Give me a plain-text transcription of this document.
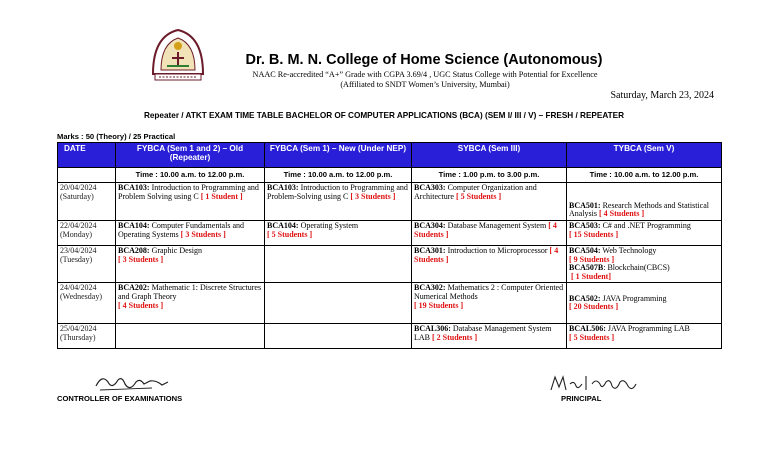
Dr. B. M. N. College of Home Science (Autonomous)
NAAC Re-accredited “A+” Grade with CGPA 3.69/4 , UGC Status College with Potential for Excellence
(Affiliated to SNDT Women’s University, Mumbai)
Saturday, March 23, 2024
Repeater / ATKT EXAM TIME TABLE BACHELOR OF COMPUTER APPLICATIONS (BCA) (SEM I/ III / V) – FRESH / REPEATER
Marks : 50 (Theory) / 25 Practical
DATE	FYBCA (Sem 1 and 2) – Old (Repeater)	FYBCA (Sem 1) – New (Under NEP)	SYBCA (Sem III)	TYBCA (Sem V)
	Time : 10.00 a.m. to 12.00 p.m.	Time : 10.00 a.m. to 12.00 p.m.	Time : 1.00 p.m. to 3.00 p.m.	Time : 10.00 a.m. to 12.00 p.m.
20/04/2024
(Saturday)	BCA103: Introduction to Programming and Problem Solving using C [ 1 Student ]	BCA103: Introduction to Programming and Problem-Solving using C [ 3 Students ]	BCA303: Computer Organization and Architecture [ 5 Students ]	BCA501: Research Methods and Statistical Analysis [ 4 Students ]
22/04/2024
(Monday)	BCA104: Computer Fundamentals and Operating Systems [ 3 Students ]	BCA104: Operating System
[ 5 Students ]	BCA304: Database Management System [ 4 Students ]	BCA503: C# and .NET Programming
[ 15 Students ]
23/04/2024
(Tuesday)	BCA208: Graphic Design
[ 3 Students ]		BCA301: Introduction to Microprocessor [ 4 Students ]	BCA504: Web Technology
[ 9 Students ]
BCA507B: Blockchain(CBCS)
[ 1 Student]
24/04/2024
(Wednesday)	BCA202: Mathematic 1: Discrete Structures and Graph Theory
[ 4 Students ]		BCA302: Mathematics 2 : Computer Oriented Numerical Methods
[ 19 Students ]	BCA502: JAVA Programming
[ 20 Students ]
25/04/2024
(Thursday)			BCAL306: Database Management System LAB [ 2 Students ]	BCAL506: JAVA Programming LAB
[ 5 Students ]
CONTROLLER OF EXAMINATIONS	PRINCIPAL
